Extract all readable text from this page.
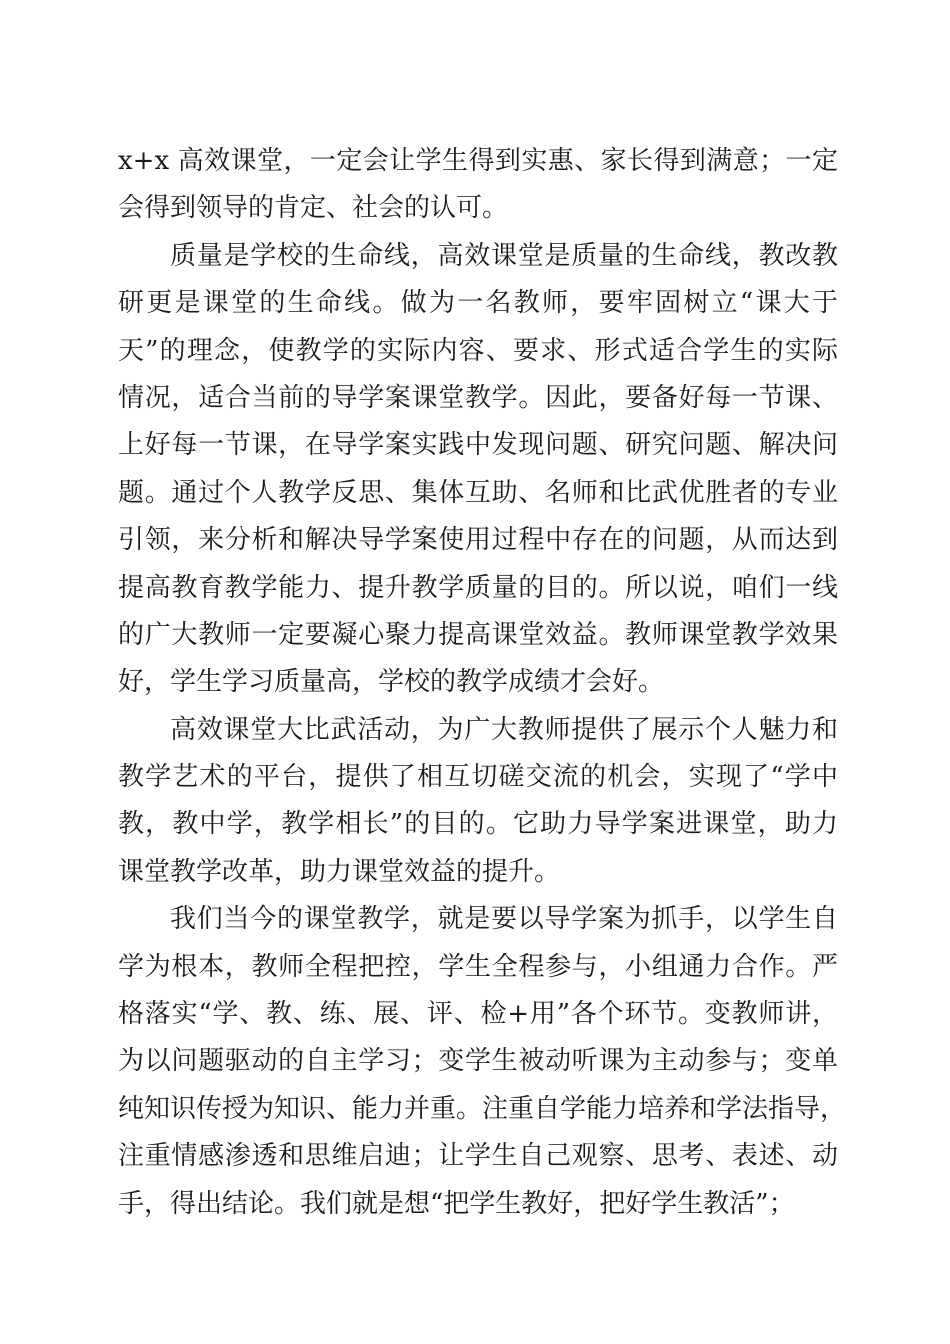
x+x 高效课堂，一定会让学生得到实惠、家长得到满意；一定
会得到领导的肯定、社会的认可。
质量是学校的生命线，高效课堂是质量的生命线，教改教
研更是课堂的生命线。做为一名教师，要牢固树立“课大于
天”的理念，使教学的实际内容、要求、形式适合学生的实际
情况，适合当前的导学案课堂教学。因此，要备好每一节课、
上好每一节课，在导学案实践中发现问题、研究问题、解决问
题。通过个人教学反思、集体互助、名师和比武优胜者的专业
引领，来分析和解决导学案使用过程中存在的问题，从而达到
提高教育教学能力、提升教学质量的目的。所以说，咱们一线
的广大教师一定要凝心聚力提高课堂效益。教师课堂教学效果
好，学生学习质量高，学校的教学成绩才会好。
高效课堂大比武活动，为广大教师提供了展示个人魅力和
教学艺术的平台，提供了相互切磋交流的机会，实现了“学中
教，教中学，教学相长”的目的。它助力导学案进课堂，助力
课堂教学改革，助力课堂效益的提升。
我们当今的课堂教学，就是要以导学案为抓手，以学生自
学为根本，教师全程把控，学生全程参与，小组通力合作。严
格落实“学、教、练、展、评、检+用”各个环节。变教师讲，
为以问题驱动的自主学习；变学生被动听课为主动参与；变单
纯知识传授为知识、能力并重。注重自学能力培养和学法指导，
注重情感渗透和思维启迪；让学生自己观察、思考、表述、动
手，得出结论。我们就是想“把学生教好，把好学生教活”；
